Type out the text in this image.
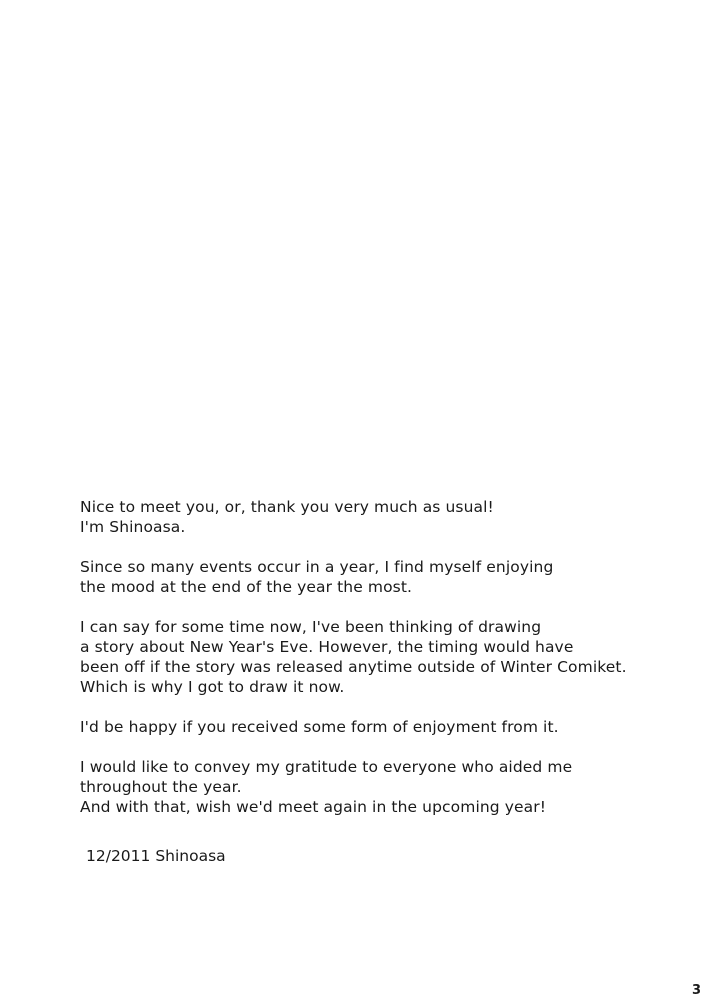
Nice to meet you, or, thank you very much as usual!
I'm Shinoasa.

Since so many events occur in a year, I find myself enjoying
the mood at the end of the year the most.

I can say for some time now, I've been thinking of drawing
a story about New Year's Eve. However, the timing would have
been off if the story was released anytime outside of Winter Comiket.
Which is why I got to draw it now.

I'd be happy if you received some form of enjoyment from it.

I would like to convey my gratitude to everyone who aided me
throughout the year.
And with that, wish we'd meet again in the upcoming year!

12/2011 Shinoasa
3
